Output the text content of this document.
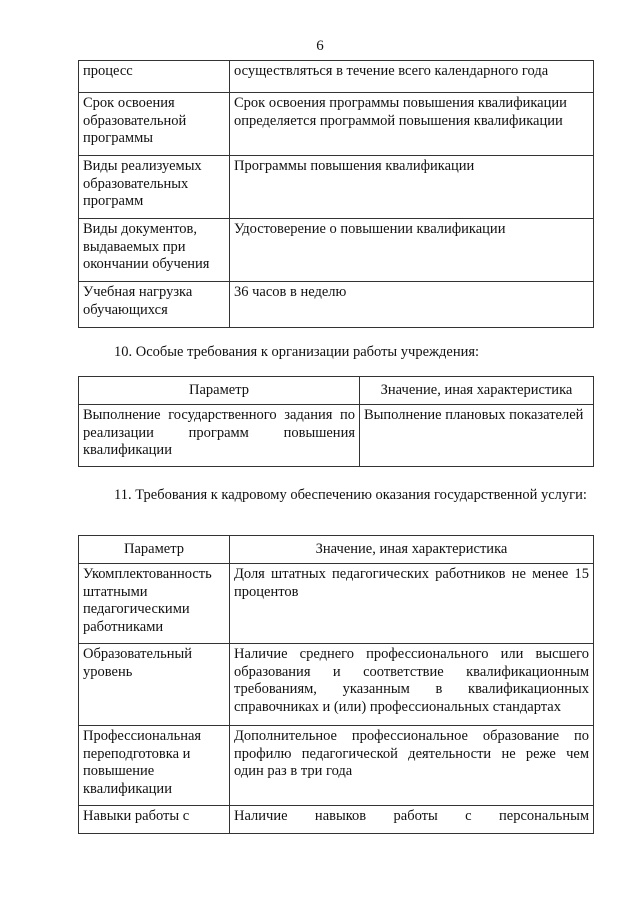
6
процесс	осуществляться в течение всего календарного года
Срок освоения образовательной программы	Срок освоения программы повышения квалификации определяется программой повышения квалификации
Виды реализуемых образовательных программ	Программы повышения квалификации
Виды документов, выдаваемых при окончании обучения	Удостоверение о повышении квалификации
Учебная нагрузка обучающихся	36 часов в неделю
10. Особые требования к организации работы учреждения:
Параметр	Значение, иная характеристика
Выполнение государственного задания по реализации программ повышения квалификации	Выполнение плановых показателей
11. Требования к кадровому обеспечению оказания государственной услуги:
Параметр	Значение, иная характеристика
Укомплектованность штатными педагогическими работниками	Доля штатных педагогических работников не менее 15 процентов
Образовательный уровень	Наличие среднего профессионального или высшего образования и соответствие квалификационным требованиям, указанным в квалификационных справочниках и (или) профессиональных стандартах
Профессиональная переподготовка и повышение квалификации	Дополнительное профессиональное образование по профилю педагогической деятельности не реже чем один раз в три года
Навыки работы с	Наличие навыков работы с персональным
